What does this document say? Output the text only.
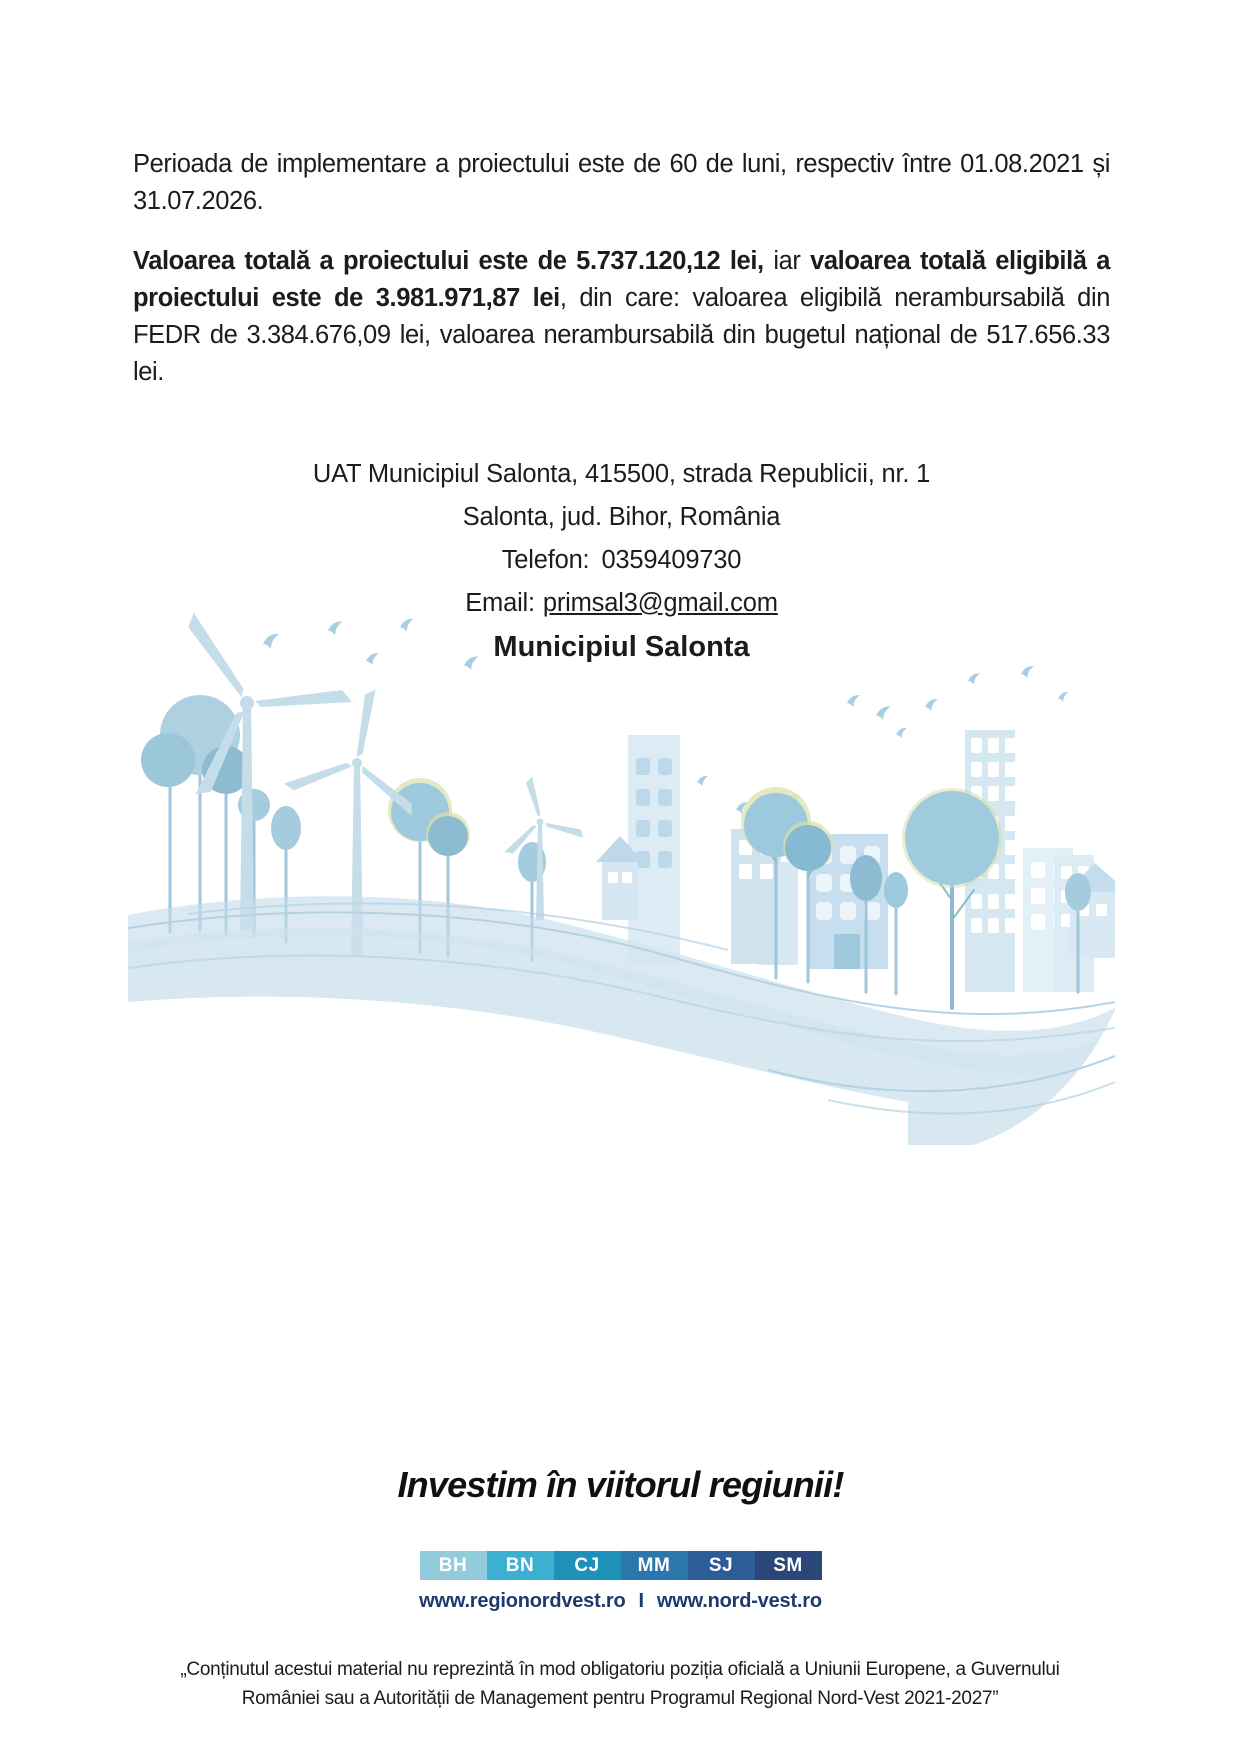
Perioada de implementare a proiectului este de 60 de luni, respectiv între 01.08.2021 și 31.07.2026.

Valoarea totală a proiectului este de 5.737.120,12 lei, iar valoarea totală eligibilă a proiectului este de 3.981.971,87 lei, din care: valoarea eligibilă nerambursabilă din FEDR de 3.384.676,09 lei, valoarea nerambursabilă din bugetul național de 517.656.33 lei.

UAT Municipiul Salonta, 415500, strada Republicii, nr. 1
Salonta, jud. Bihor, România
Telefon: 0359409730
Email: primsal3@gmail.com
Municipiul Salonta
Investim în viitorul regiunii!
BH	BN	CJ	MM	SJ	SM
www.regionordvest.ro I www.nord-vest.ro
„Conținutul acestui material nu reprezintă în mod obligatoriu poziția oficială a Uniunii Europene, a Guvernului României sau a Autorității de Management pentru Programul Regional Nord-Vest 2021-2027”
